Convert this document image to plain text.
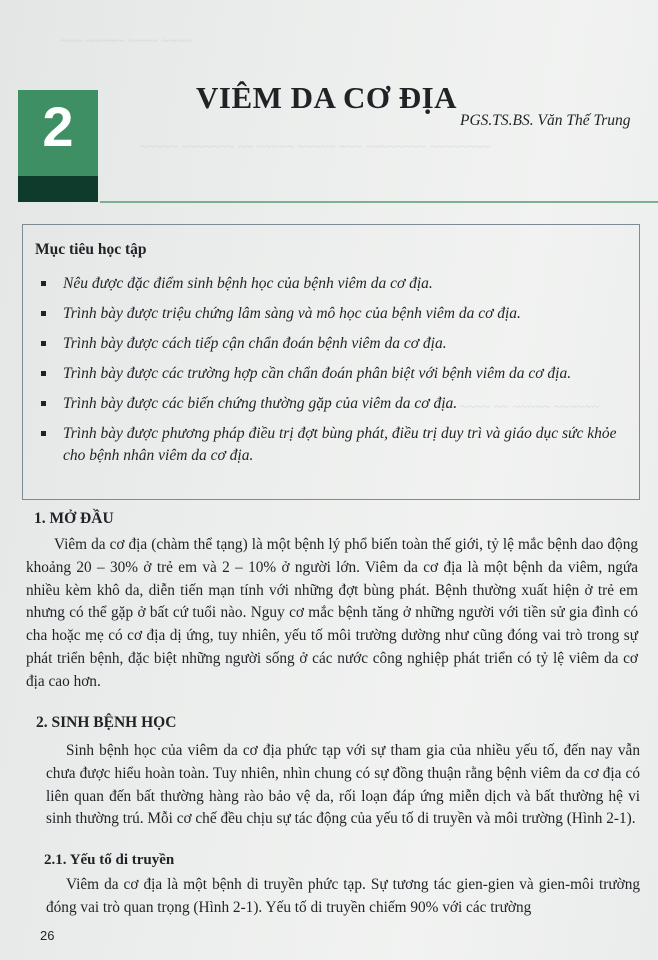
~~~ ~~~~~ ~~~~ ~~~~
~~~~~ ~~~~~~~ ~~ ~~~~~ ~~~~~ ~~~ ~~~~~~~~ ~~~~~~~~
~~~~ ~~~ ~~~~ ~~ ~~~~~ ~~~~~~
2	VIÊM DA CƠ ĐỊA
PGS.TS.BS. Văn Thế Trung
Mục tiêu học tập
Nêu được đặc điểm sinh bệnh học của bệnh viêm da cơ địa.
Trình bày được triệu chứng lâm sàng và mô học của bệnh viêm da cơ địa.
Trình bày được cách tiếp cận chẩn đoán bệnh viêm da cơ địa.
Trình bày được các trường hợp cần chẩn đoán phân biệt với bệnh viêm da cơ địa.
Trình bày được các biến chứng thường gặp của viêm da cơ địa.
Trình bày được phương pháp điều trị đợt bùng phát, điều trị duy trì và giáo dục sức khỏe cho bệnh nhân viêm da cơ địa.
1. MỞ ĐẦU
Viêm da cơ địa (chàm thể tạng) là một bệnh lý phổ biến toàn thế giới, tỷ lệ mắc bệnh dao động khoảng 20 – 30% ở trẻ em và 2 – 10% ở người lớn. Viêm da cơ địa là một bệnh da viêm, ngứa nhiều kèm khô da, diễn tiến mạn tính với những đợt bùng phát. Bệnh thường xuất hiện ở trẻ em nhưng có thể gặp ở bất cứ tuổi nào. Nguy cơ mắc bệnh tăng ở những người với tiền sử gia đình có cha hoặc mẹ có cơ địa dị ứng, tuy nhiên, yếu tố môi trường dường như cũng đóng vai trò trong sự phát triển bệnh, đặc biệt những người sống ở các nước công nghiệp phát triển có tỷ lệ viêm da cơ địa cao hơn.
2. SINH BỆNH HỌC
Sinh bệnh học của viêm da cơ địa phức tạp với sự tham gia của nhiều yếu tố, đến nay vẫn chưa được hiểu hoàn toàn. Tuy nhiên, nhìn chung có sự đồng thuận rằng bệnh viêm da cơ địa có liên quan đến bất thường hàng rào bảo vệ da, rối loạn đáp ứng miễn dịch và bất thường hệ vi sinh thường trú. Mỗi cơ chế đều chịu sự tác động của yếu tố di truyền và môi trường (Hình 2-1).
2.1. Yếu tố di truyền
Viêm da cơ địa là một bệnh di truyền phức tạp. Sự tương tác gien-gien và gien-môi trường đóng vai trò quan trọng (Hình 2-1). Yếu tố di truyền chiếm 90% với các trường
26
